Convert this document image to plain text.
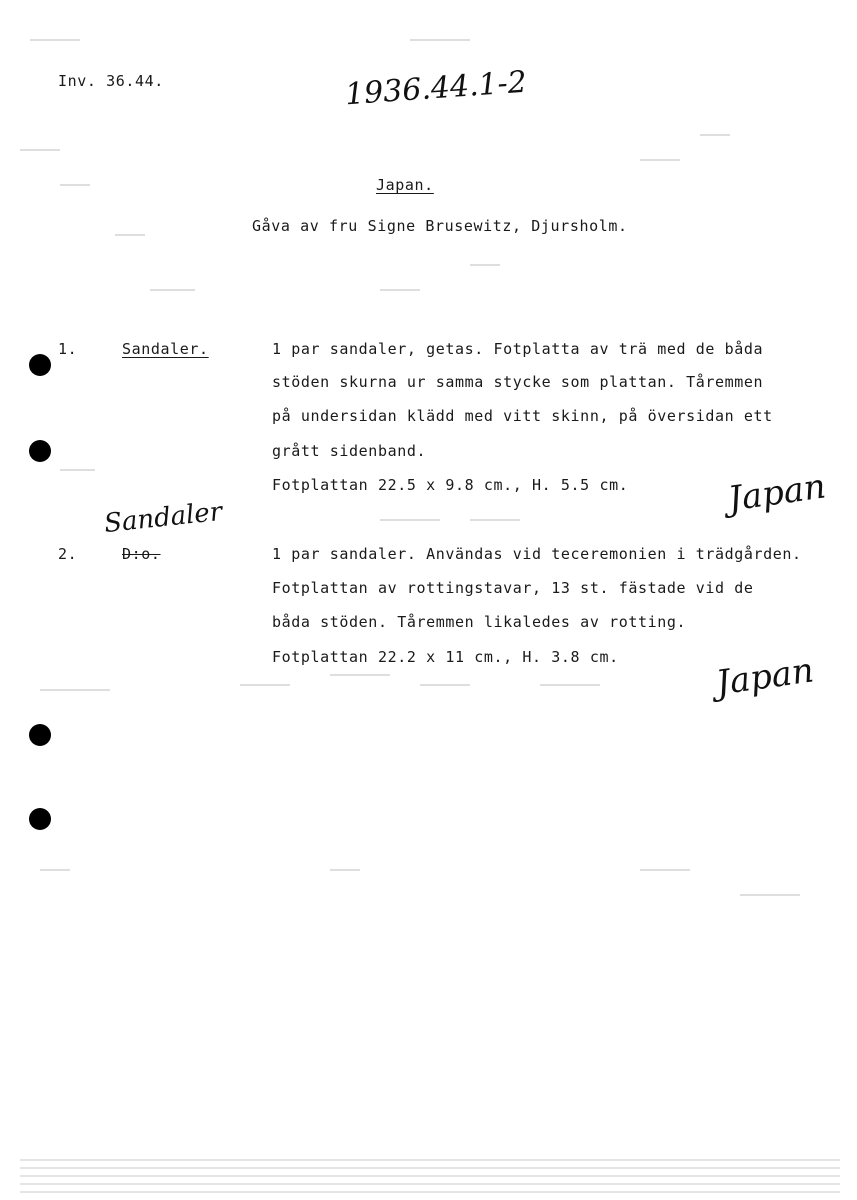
Inv. 36.44.	1936.44.1-2
Japan.
Gåva av fru Signe Brusewitz, Djursholm.
1.	Sandaler.	1 par sandaler, getas. Fotplatta av trä med de båda
stöden skurna ur samma stycke som plattan. Tåremmen
på undersidan klädd med vitt skinn, på översidan ett
grått sidenband.
Fotplattan 22.5 x 9.8 cm., H. 5.5 cm.	Japan
Sandaler
2.	D:o.	1 par sandaler. Användas vid teceremonien i trädgården.
Fotplattan av rottingstavar, 13 st. fästade vid de
båda stöden. Tåremmen likaledes av rotting.
Fotplattan 22.2 x 11 cm., H. 3.8 cm.	Japan
